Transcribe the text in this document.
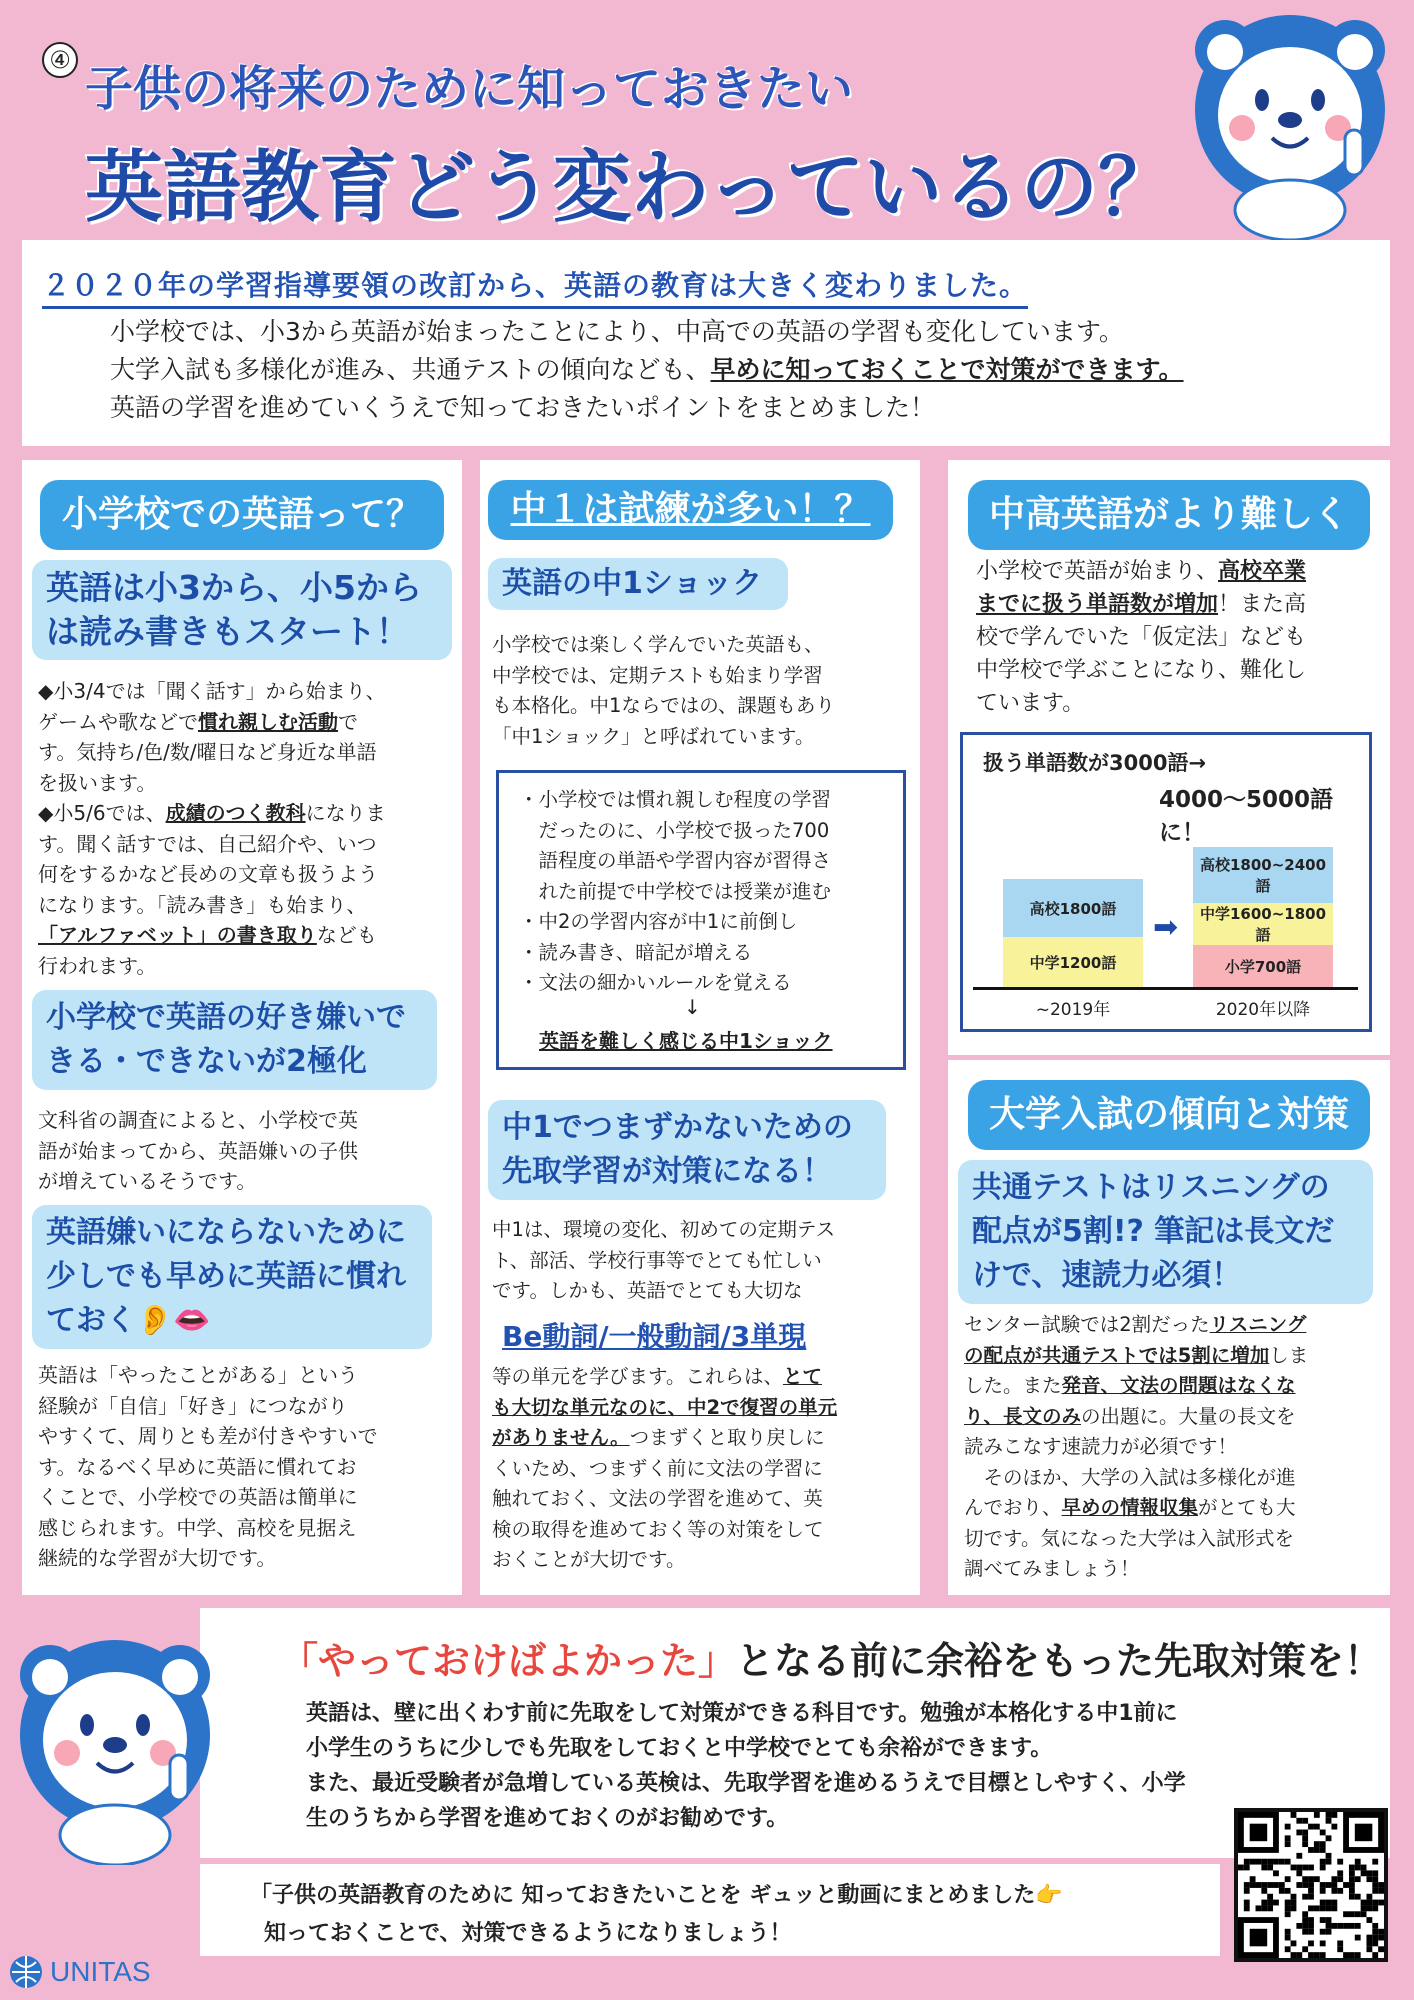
④
子供の将来のために知っておきたい
英語教育どう変わっているの？
２０２０年の学習指導要領の改訂から、英語の教育は大きく変わりました。

小学校では、小3から英語が始まったことにより、中高での英語の学習も変化しています。

大学入試も多様化が進み、共通テストの傾向なども、早めに知っておくことで対策ができます。

英語の学習を進めていくうえで知っておきたいポイントをまとめました！

小学校での英語って？
英語は小3から、小5からは読み書きもスタート！
◆小3/4では「聞く話す」から始まり、
ゲームや歌などで慣れ親しむ活動で
す。気持ち/色/数/曜日など身近な単語
を扱います。
◆小5/6では、成績のつく教科になりま
す。聞く話すでは、自己紹介や、いつ
何をするかなど長めの文章も扱うよう
になります。「読み書き」も始まり、
「アルファベット」の書き取りなども
行われます。
小学校で英語の好き嫌いできる・できないが2極化
文科省の調査によると、小学校で英
語が始まってから、英語嫌いの子供
が増えているそうです。
英語嫌いにならないために少しでも早めに英語に慣れておく👂👄
英語は「やったことがある」という
経験が「自信」「好き」につながり
やすくて、周りとも差が付きやすいで
す。なるべく早めに英語に慣れてお
くことで、小学校での英語は簡単に
感じられます。中学、高校を見据え
継続的な学習が大切です。
中１は試練が多い！？
英語の中1ショック
小学校では楽しく学んでいた英語も、
中学校では、定期テストも始まり学習
も本格化。中1ならではの、課題もあり
「中1ショック」と呼ばれています。
・小学校では慣れ親しむ程度の学習
　だったのに、小学校で扱った700
　語程度の単語や学習内容が習得さ
　れた前提で中学校では授業が進む
・中2の学習内容が中1に前倒し
・読み書き、暗記が増える
・文法の細かいルールを覚える
↓
英語を難しく感じる中1ショック
中1でつまずかないための先取学習が対策になる！
中1は、環境の変化、初めての定期テス
ト、部活、学校行事等でとても忙しい
です。しかも、英語でとても大切な
Be動詞/一般動詞/3単現
等の単元を学びます。これらは、とて
も大切な単元なのに、中2で復習の単元
がありません。つまずくと取り戻しに
くいため、つまずく前に文法の学習に
触れておく、文法の学習を進めて、英
検の取得を進めておく等の対策をして
おくことが大切です。
中高英語がより難しく
小学校で英語が始まり、高校卒業
までに扱う単語数が増加！また高
校で学んでいた「仮定法」なども
中学校で学ぶことになり、難化し
ています。
扱う単語数が3000語→
4000〜5000語に！
中学1200語
高校1800語
~2019年
小学700語
中学1600~1800語
高校1800~2400語
2020年以降
➡
大学入試の傾向と対策
共通テストはリスニングの配点が5割!? 筆記は長文だけで、速読力必須！
センター試験では2割だったリスニング
の配点が共通テストでは5割に増加しま
した。また発音、文法の問題はなくな
り、長文のみの出題に。大量の長文を
読みこなす速読力が必須です！
　そのほか、大学の入試は多様化が進
んでおり、早めの情報収集がとても大
切です。気になった大学は入試形式を
調べてみましょう！
「やっておけばよかった」となる前に余裕をもった先取対策を！
英語は、壁に出くわす前に先取をして対策ができる科目です。勉強が本格化する中1前に
小学生のうちに少しでも先取をしておくと中学校でとても余裕ができます。
また、最近受験者が急増している英検は、先取学習を進めるうえで目標としやすく、小学
生のうちから学習を進めておくのがお勧めです。
「子供の英語教育のために 知っておきたいことを ギュッと動画にまとめました👉
知っておくことで、対策できるようになりましょう！
UNITAS
